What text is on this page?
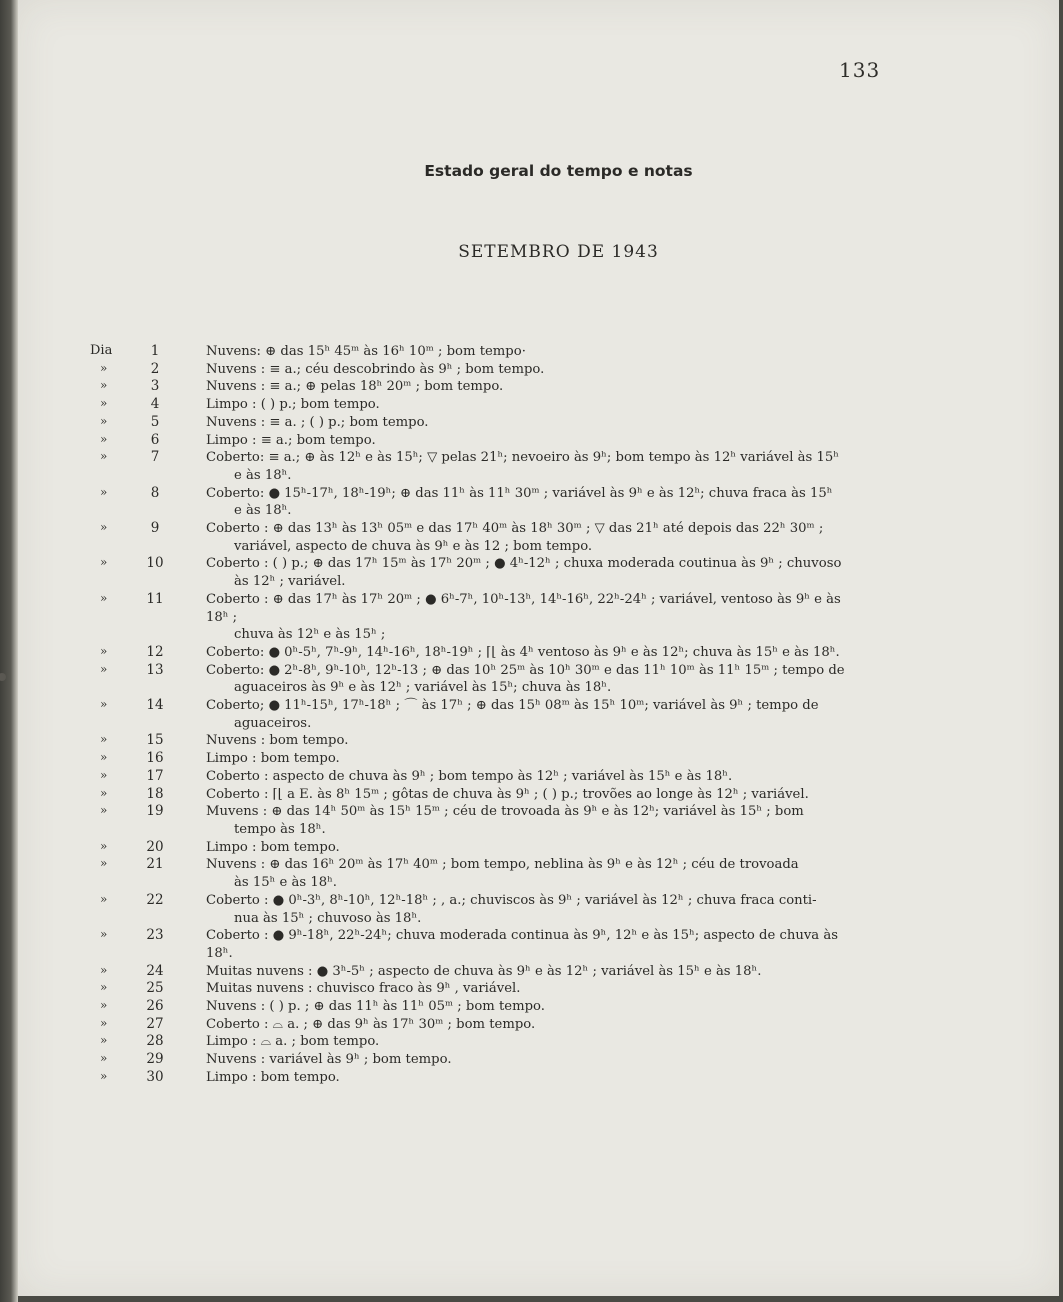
133
Estado geral do tempo e notas
SETEMBRO DE 1943
Dia	1	Nuvens: ⊕ das 15ʰ 45ᵐ às 16ʰ 10ᵐ ; bom tempo·
»	2	Nuvens : ≡ a.; céu descobrindo às 9ʰ ; bom tempo.
»	3	Nuvens : ≡ a.; ⊕ pelas 18ʰ 20ᵐ ; bom tempo.
»	4	Limpo : ( ) p.; bom tempo.
»	5	Nuvens : ≡ a. ; ( ) p.; bom tempo.
»	6	Limpo : ≡ a.; bom tempo.
»	7	Coberto: ≡ a.; ⊕ às 12ʰ e às 15ʰ; ▽ pelas 21ʰ; nevoeiro às 9ʰ; bom tempo às 12ʰ variável às 15ʰ
e às 18ʰ.
»	8	Coberto: ● 15ʰ-17ʰ, 18ʰ-19ʰ; ⊕ das 11ʰ às 11ʰ 30ᵐ ; variável às 9ʰ e às 12ʰ; chuva fraca às 15ʰ
e às 18ʰ.
»	9	Coberto : ⊕ das 13ʰ às 13ʰ 05ᵐ e das 17ʰ 40ᵐ às 18ʰ 30ᵐ ; ▽ das 21ʰ até depois das 22ʰ 30ᵐ ;
variável, aspecto de chuva às 9ʰ e às 12 ; bom tempo.
»	10	Coberto : ( ) p.; ⊕ das 17ʰ 15ᵐ às 17ʰ 20ᵐ ; ● 4ʰ-12ʰ ; chuxa moderada coutinua às 9ʰ ; chuvoso
às 12ʰ ; variável.
»	11	Coberto : ⊕ das 17ʰ às 17ʰ 20ᵐ ; ● 6ʰ-7ʰ, 10ʰ-13ʰ, 14ʰ-16ʰ, 22ʰ-24ʰ ; variável, ventoso às 9ʰ e às 18ʰ ;
chuva às 12ʰ e às 15ʰ ;
»	12	Coberto: ● 0ʰ-5ʰ, 7ʰ-9ʰ, 14ʰ-16ʰ, 18ʰ-19ʰ ; ⌈⌊ às 4ʰ ventoso às 9ʰ e às 12ʰ; chuva às 15ʰ e às 18ʰ.
»	13	Coberto: ● 2ʰ-8ʰ, 9ʰ-10ʰ, 12ʰ-13 ; ⊕ das 10ʰ 25ᵐ às 10ʰ 30ᵐ e das 11ʰ 10ᵐ às 11ʰ 15ᵐ ; tempo de
aguaceiros às 9ʰ e às 12ʰ ; variável às 15ʰ; chuva às 18ʰ.
»	14	Coberto; ● 11ʰ-15ʰ, 17ʰ-18ʰ ; ⌒ às 17ʰ ; ⊕ das 15ʰ 08ᵐ às 15ʰ 10ᵐ; variável às 9ʰ ; tempo de
aguaceiros.
»	15	Nuvens : bom tempo.
»	16	Limpo : bom tempo.
»	17	Coberto : aspecto de chuva às 9ʰ ; bom tempo às 12ʰ ; variável às 15ʰ e às 18ʰ.
»	18	Coberto : ⌈⌊ a E. às 8ʰ 15ᵐ ; gôtas de chuva às 9ʰ ; ( ) p.; trovões ao longe às 12ʰ ; variável.
»	19	Muvens : ⊕ das 14ʰ 50ᵐ às 15ʰ 15ᵐ ; céu de trovoada às 9ʰ e às 12ʰ; variável às 15ʰ ; bom
tempo às 18ʰ.
»	20	Limpo : bom tempo.
»	21	Nuvens : ⊕ das 16ʰ 20ᵐ às 17ʰ 40ᵐ ; bom tempo, neblina às 9ʰ e às 12ʰ ; céu de trovoada
às 15ʰ e às 18ʰ.
»	22	Coberto : ● 0ʰ-3ʰ, 8ʰ-10ʰ, 12ʰ-18ʰ ; , a.; chuviscos às 9ʰ ; variável às 12ʰ ; chuva fraca conti-
nua às 15ʰ ; chuvoso às 18ʰ.
»	23	Coberto : ● 9ʰ-18ʰ, 22ʰ-24ʰ; chuva moderada continua às 9ʰ, 12ʰ e às 15ʰ; aspecto de chuva às 18ʰ.
»	24	Muitas nuvens : ● 3ʰ-5ʰ ; aspecto de chuva às 9ʰ e às 12ʰ ; variável às 15ʰ e às 18ʰ.
»	25	Muitas nuvens : chuvisco fraco às 9ʰ , variável.
»	26	Nuvens : ( ) p. ; ⊕ das 11ʰ às 11ʰ 05ᵐ ; bom tempo.
»	27	Coberto : ⌓ a. ; ⊕ das 9ʰ às 17ʰ 30ᵐ ; bom tempo.
»	28	Limpo : ⌓ a. ; bom tempo.
»	29	Nuvens : variável às 9ʰ ; bom tempo.
»	30	Limpo : bom tempo.
